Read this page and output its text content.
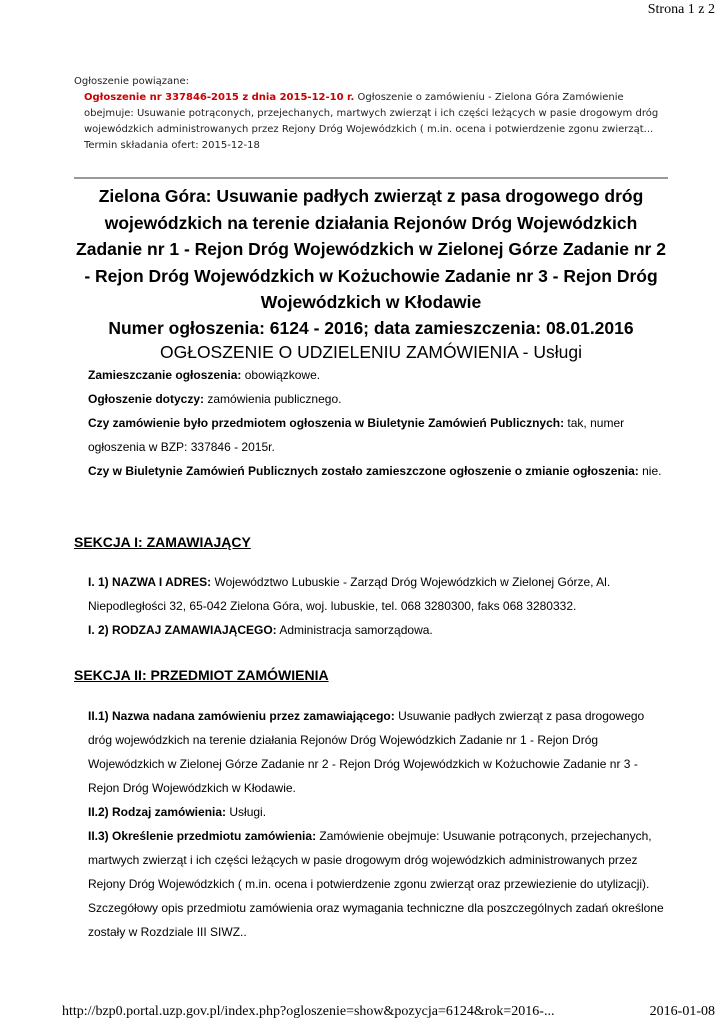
Strona 1 z 2
Ogłoszenie powiązane:
Ogłoszenie nr 337846-2015 z dnia 2015-12-10 r. Ogłoszenie o zamówieniu - Zielona Góra Zamówienie obejmuje: Usuwanie potrąconych, przejechanych, martwych zwierząt i ich części leżących w pasie drogowym dróg wojewódzkich administrowanych przez Rejony Dróg Wojewódzkich ( m.in. ocena i potwierdzenie zgonu zwierząt...
Termin składania ofert: 2015-12-18

Zielona Góra: Usuwanie padłych zwierząt z pasa drogowego dróg wojewódzkich na terenie działania Rejonów Dróg Wojewódzkich Zadanie nr 1 - Rejon Dróg Wojewódzkich w Zielonej Górze Zadanie nr 2 - Rejon Dróg Wojewódzkich w Kożuchowie Zadanie nr 3 - Rejon Dróg Wojewódzkich w Kłodawie

Numer ogłoszenia: 6124 - 2016; data zamieszczenia: 08.01.2016

OGŁOSZENIE O UDZIELENIU ZAMÓWIENIA - Usługi

Zamieszczanie ogłoszenia: obowiązkowe.

Ogłoszenie dotyczy: zamówienia publicznego.

Czy zamówienie było przedmiotem ogłoszenia w Biuletynie Zamówień Publicznych: tak, numer ogłoszenia w BZP: 337846 - 2015r.

Czy w Biuletynie Zamówień Publicznych zostało zamieszczone ogłoszenie o zmianie ogłoszenia: nie.

SEKCJA I: ZAMAWIAJĄCY

I. 1) NAZWA I ADRES: Województwo Lubuskie - Zarząd Dróg Wojewódzkich w Zielonej Górze, Al. Niepodległości 32, 65-042 Zielona Góra, woj. lubuskie, tel. 068 3280300, faks 068 3280332.

I. 2) RODZAJ ZAMAWIAJĄCEGO: Administracja samorządowa.

SEKCJA II: PRZEDMIOT ZAMÓWIENIA

II.1) Nazwa nadana zamówieniu przez zamawiającego: Usuwanie padłych zwierząt z pasa drogowego dróg wojewódzkich na terenie działania Rejonów Dróg Wojewódzkich Zadanie nr 1 - Rejon Dróg Wojewódzkich w Zielonej Górze Zadanie nr 2 - Rejon Dróg Wojewódzkich w Kożuchowie Zadanie nr 3 - Rejon Dróg Wojewódzkich w Kłodawie.

II.2) Rodzaj zamówienia: Usługi.

II.3) Określenie przedmiotu zamówienia: Zamówienie obejmuje: Usuwanie potrąconych, przejechanych, martwych zwierząt i ich części leżących w pasie drogowym dróg wojewódzkich administrowanych przez Rejony Dróg Wojewódzkich ( m.in. ocena i potwierdzenie zgonu zwierząt oraz przewiezienie do utylizacji). Szczegółowy opis przedmiotu zamówienia oraz wymagania techniczne dla poszczególnych zadań określone zostały w Rozdziale III SIWZ..

http://bzp0.portal.uzp.gov.pl/index.php?ogloszenie=show&pozycja=6124&rok=2016-...	2016-01-08
